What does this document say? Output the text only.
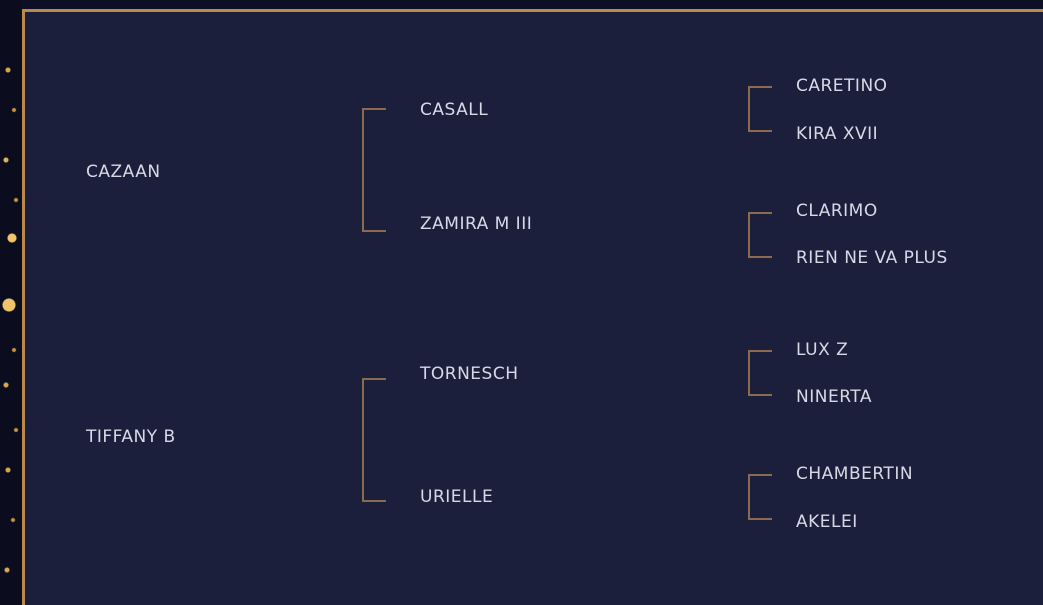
CAZAAN
TIFFANY B
CASALL
ZAMIRA M III
TORNESCH
URIELLE
CARETINO
KIRA XVII
CLARIMO
RIEN NE VA PLUS
LUX Z
NINERTA
CHAMBERTIN
AKELEI
